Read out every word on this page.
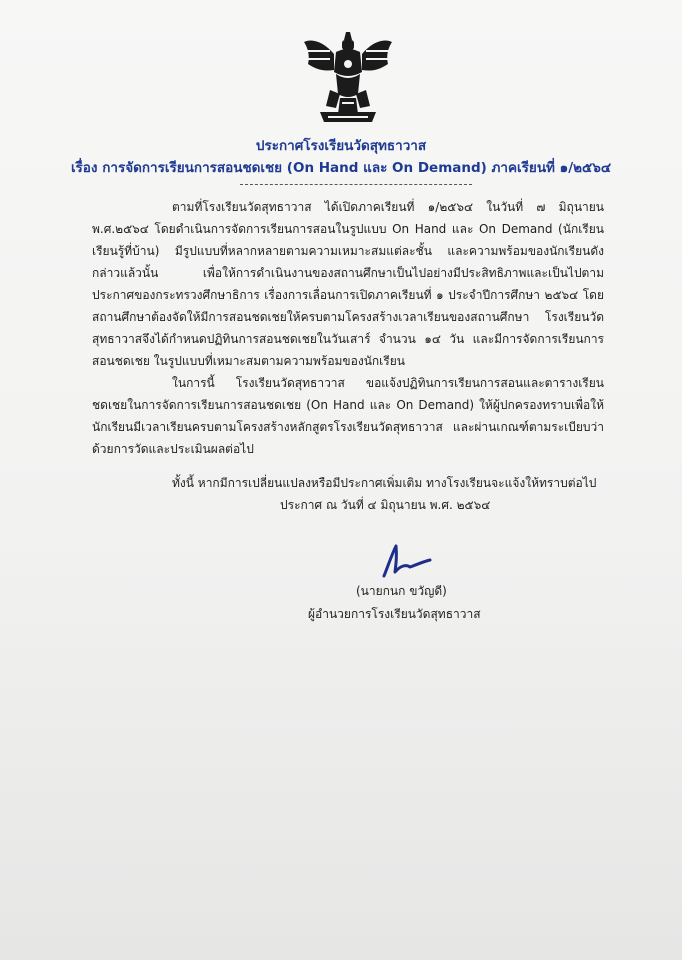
ประกาศโรงเรียนวัดสุทธาวาส
เรื่อง การจัดการเรียนการสอนชดเชย (On Hand และ On Demand) ภาคเรียนที่ ๑/๒๕๖๔

ตามที่โรงเรียนวัดสุทธาวาส ได้เปิดภาคเรียนที่ ๑/๒๕๖๔ ในวันที่ ๗ มิถุนายน พ.ศ.๒๕๖๔ โดยดำเนินการจัดการเรียนการสอนในรูปแบบ On Hand และ On Demand (นักเรียนเรียนรู้ที่บ้าน) มีรูปแบบที่หลากหลายตามความเหมาะสมแต่ละชั้น และความพร้อมของนักเรียนดังกล่าวแล้วนั้น เพื่อให้การดำเนินงานของสถานศึกษาเป็นไปอย่างมีประสิทธิภาพและเป็นไปตามประกาศของกระทรวงศึกษาธิการ เรื่องการเลื่อนการเปิดภาคเรียนที่ ๑ ประจำปีการศึกษา ๒๕๖๔ โดยสถานศึกษาต้องจัดให้มีการสอนชดเชยให้ครบตามโครงสร้างเวลาเรียนของสถานศึกษา โรงเรียนวัดสุทธาวาสจึงได้กำหนดปฏิทินการสอนชดเชยในวันเสาร์ จำนวน ๑๔ วัน และมีการจัดการเรียนการสอนชดเชย ในรูปแบบที่เหมาะสมตามความพร้อมของนักเรียน

ในการนี้ โรงเรียนวัดสุทธาวาส ขอแจ้งปฏิทินการเรียนการสอนและตารางเรียนชดเชยในการจัดการเรียนการสอนชดเชย (On Hand และ On Demand) ให้ผู้ปกครองทราบเพื่อให้นักเรียนมีเวลาเรียนครบตามโครงสร้างหลักสูตรโรงเรียนวัดสุทธาวาส และผ่านเกณฑ์ตามระเบียบว่าด้วยการวัดและประเมินผลต่อไป

ทั้งนี้ หากมีการเปลี่ยนแปลงหรือมีประกาศเพิ่มเติม ทางโรงเรียนจะแจ้งให้ทราบต่อไป

ประกาศ ณ วันที่ ๔ มิถุนายน พ.ศ. ๒๕๖๔
(นายกนก ขวัญดี)
ผู้อำนวยการโรงเรียนวัดสุทธาวาส
